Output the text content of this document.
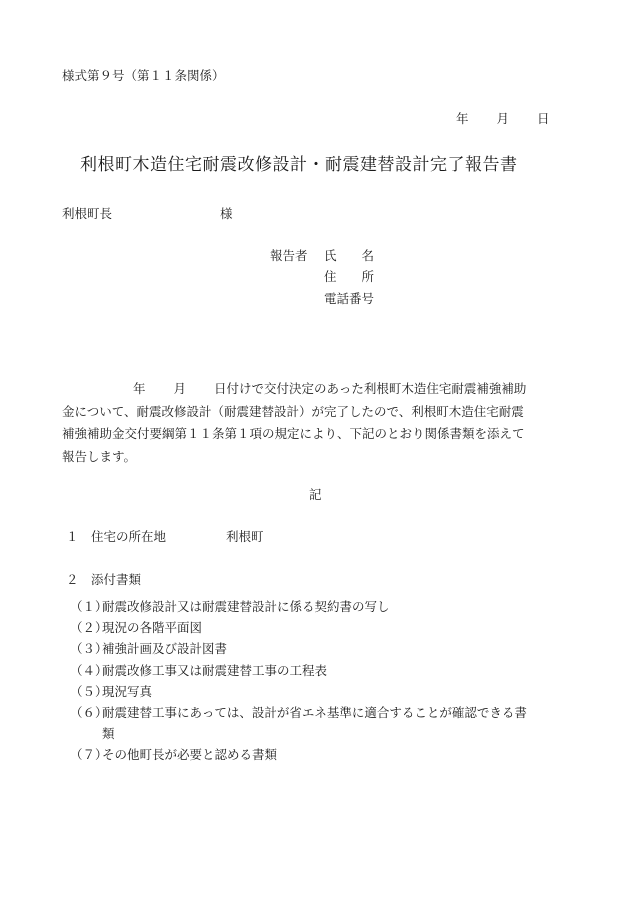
様式第９号（第１１条関係）
年 月 日
利根町木造住宅耐震改修設計・耐震建替設計完了報告書
利根町長	様
報告者 氏　　名
住　　所
電話番号
年 月 日付けで交付決定のあった利根町木造住宅耐震補強補助
金について、耐震改修設計（耐震建替設計）が完了したので、利根町木造住宅耐震
補強補助金交付要綱第１１条第１項の規定により、下記のとおり関係書類を添えて
報告します。
記
１　住宅の所在地	利根町
２　添付書類
（１）耐震改修設計又は耐震建替設計に係る契約書の写し
（２）現況の各階平面図
（３）補強計画及び設計図書
（４）耐震改修工事又は耐震建替工事の工程表
（５）現況写真
（６）耐震建替工事にあっては、設計が省エネ基準に適合することが確認できる書
類
（７）その他町長が必要と認める書類
